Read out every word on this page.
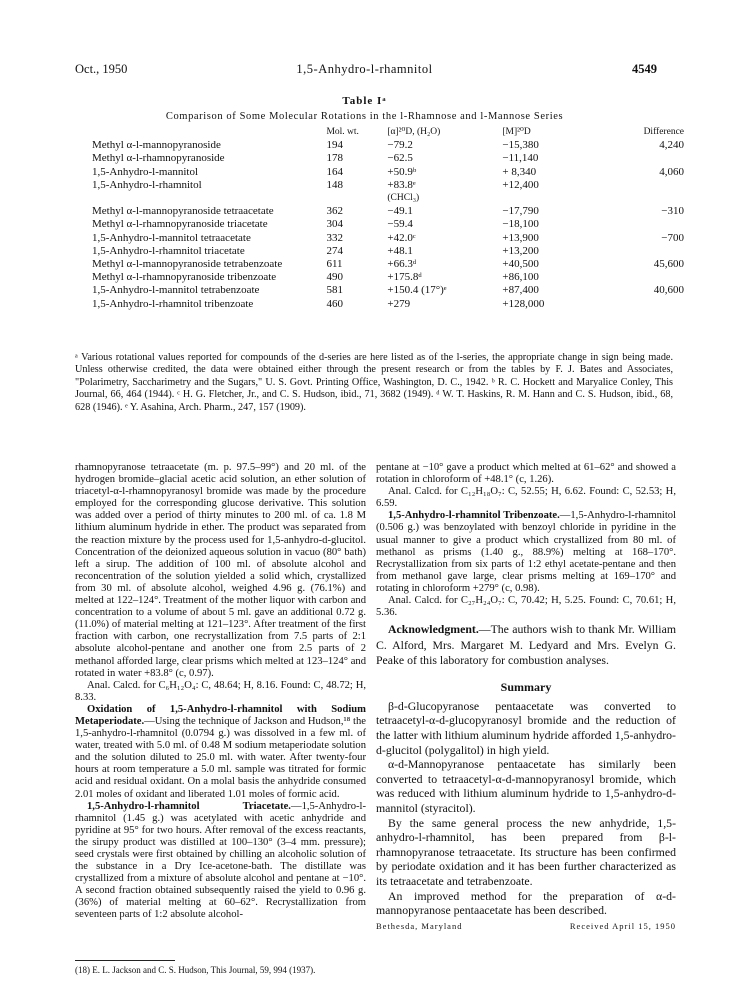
Oct., 1950	1,5-Anhydro-l-rhamnitol	4549
Table Iᵃ
Comparison of Some Molecular Rotations in the l-Rhamnose and l-Mannose Series
	Mol. wt.	[α]²⁰D, (H₂O)	[M]²⁰D	Difference
Methyl α-l-mannopyranoside	194	−79.2	−15,380	4,240
Methyl α-l-rhamnopyranoside	178	−62.5	−11,140	
1,5-Anhydro-l-mannitol	164	+50.9ᵇ	+ 8,340	4,060
1,5-Anhydro-l-rhamnitol	148	+83.8ᵉ	+12,400	
		(CHCl₃)		
Methyl α-l-mannopyranoside tetraacetate	362	−49.1	−17,790	−310
Methyl α-l-rhamnopyranoside triacetate	304	−59.4	−18,100	
1,5-Anhydro-l-mannitol tetraacetate	332	+42.0ᶜ	+13,900	−700
1,5-Anhydro-l-rhamnitol triacetate	274	+48.1	+13,200	
Methyl α-l-mannopyranoside tetrabenzoate	611	+66.3ᵈ	+40,500	45,600
Methyl α-l-rhamnopyranoside tribenzoate	490	+175.8ᵈ	+86,100	
1,5-Anhydro-l-mannitol tetrabenzoate	581	+150.4 (17°)ᵉ	+87,400	40,600
1,5-Anhydro-l-rhamnitol tribenzoate	460	+279	+128,000	
ᵃ Various rotational values reported for compounds of the d-series are here listed as of the l-series, the appropriate change in sign being made. Unless otherwise credited, the data were obtained either through the present research or from the tables by F. J. Bates and Associates, "Polarimetry, Saccharimetry and the Sugars," U. S. Govt. Printing Office, Washington, D. C., 1942. ᵇ R. C. Hockett and Maryalice Conley, This Journal, 66, 464 (1944). ᶜ H. G. Fletcher, Jr., and C. S. Hudson, ibid., 71, 3682 (1949). ᵈ W. T. Haskins, R. M. Hann and C. S. Hudson, ibid., 68, 628 (1946). ᵉ Y. Asahina, Arch. Pharm., 247, 157 (1909).

rhamnopyranose tetraacetate (m. p. 97.5–99°) and 20 ml. of the hydrogen bromide–glacial acetic acid solution, an ether solution of triacetyl-α-l-rhamnopyranosyl bromide was made by the procedure employed for the corresponding glucose derivative. This solution was added over a period of thirty minutes to 200 ml. of ca. 1.8 M lithium aluminum hydride in ether. The product was separated from the reaction mixture by the process used for 1,5-anhydro-d-glucitol. Concentration of the deionized aqueous solution in vacuo (80° bath) left a sirup. The addition of 100 ml. of absolute alcohol and reconcentration of the solution yielded a solid which, crystallized from 30 ml. of absolute alcohol, weighed 4.96 g. (76.1%) and melted at 122–124°. Treatment of the mother liquor with carbon and concentration to a volume of about 5 ml. gave an additional 0.72 g. (11.0%) of material melting at 121–123°. After treatment of the first fraction with carbon, one recrystallization from 7.5 parts of 2:1 absolute alcohol-pentane and another one from 2.5 parts of 2 methanol afforded large, clear prisms which melted at 123–124° and rotated in water +83.8° (c, 0.97).

Anal. Calcd. for C₆H₁₂O₄: C, 48.64; H, 8.16. Found: C, 48.72; H, 8.33.

Oxidation of 1,5-Anhydro-l-rhamnitol with Sodium Metaperiodate.—Using the technique of Jackson and Hudson,¹⁸ the 1,5-anhydro-l-rhamnitol (0.0794 g.) was dissolved in a few ml. of water, treated with 5.0 ml. of 0.48 M sodium metaperiodate solution and the solution diluted to 25.0 ml. with water. After twenty-four hours at room temperature a 5.0 ml. sample was titrated for formic acid and residual oxidant. On a molal basis the anhydride consumed 2.01 moles of oxidant and liberated 1.01 moles of formic acid.

1,5-Anhydro-l-rhamnitol Triacetate.—1,5-Anhydro-l-rhamnitol (1.45 g.) was acetylated with acetic anhydride and pyridine at 95° for two hours. After removal of the excess reactants, the sirupy product was distilled at 100–130° (3–4 mm. pressure); seed crystals were first obtained by chilling an alcoholic solution of the substance in a Dry Ice-acetone-bath. The distillate was crystallized from a mixture of absolute alcohol and pentane at −10°. A second fraction obtained subsequently raised the yield to 0.96 g. (36%) of material melting at 60–62°. Recrystallization from seventeen parts of 1:2 absolute alcohol-

(18) E. L. Jackson and C. S. Hudson, This Journal, 59, 994 (1937).

pentane at −10° gave a product which melted at 61–62° and showed a rotation in chloroform of +48.1° (c, 1.26).

Anal. Calcd. for C₁₂H₁₈O₇: C, 52.55; H, 6.62. Found: C, 52.53; H, 6.59.

1,5-Anhydro-l-rhamnitol Tribenzoate.—1,5-Anhydro-l-rhamnitol (0.506 g.) was benzoylated with benzoyl chloride in pyridine in the usual manner to give a product which crystallized from 80 ml. of methanol as prisms (1.40 g., 88.9%) melting at 168–170°. Recrystallization from six parts of 1:2 ethyl acetate-pentane and then from methanol gave large, clear prisms melting at 169–170° and rotating in chloroform +279° (c, 0.98).

Anal. Calcd. for C₂₇H₂₄O₇: C, 70.42; H, 5.25. Found: C, 70.61; H, 5.36.

Acknowledgment.—The authors wish to thank Mr. William C. Alford, Mrs. Margaret M. Ledyard and Mrs. Evelyn G. Peake of this laboratory for combustion analyses.

Summary

β-d-Glucopyranose pentaacetate was converted to tetraacetyl-α-d-glucopyranosyl bromide and the reduction of the latter with lithium aluminum hydride afforded 1,5-anhydro-d-glucitol (polygalitol) in high yield.

α-d-Mannopyranose pentaacetate has similarly been converted to tetraacetyl-α-d-mannopyranosyl bromide, which was reduced with lithium aluminum hydride to 1,5-anhydro-d-mannitol (styracitol).

By the same general process the new anhydride, 1,5-anhydro-l-rhamnitol, has been prepared from β-l-rhamnopyranose tetraacetate. Its structure has been confirmed by periodate oxidation and it has been further characterized as its tetraacetate and tetrabenzoate.

An improved method for the preparation of α-d-mannopyranose pentaacetate has been described.

Bethesda, Maryland	Received April 15, 1950
